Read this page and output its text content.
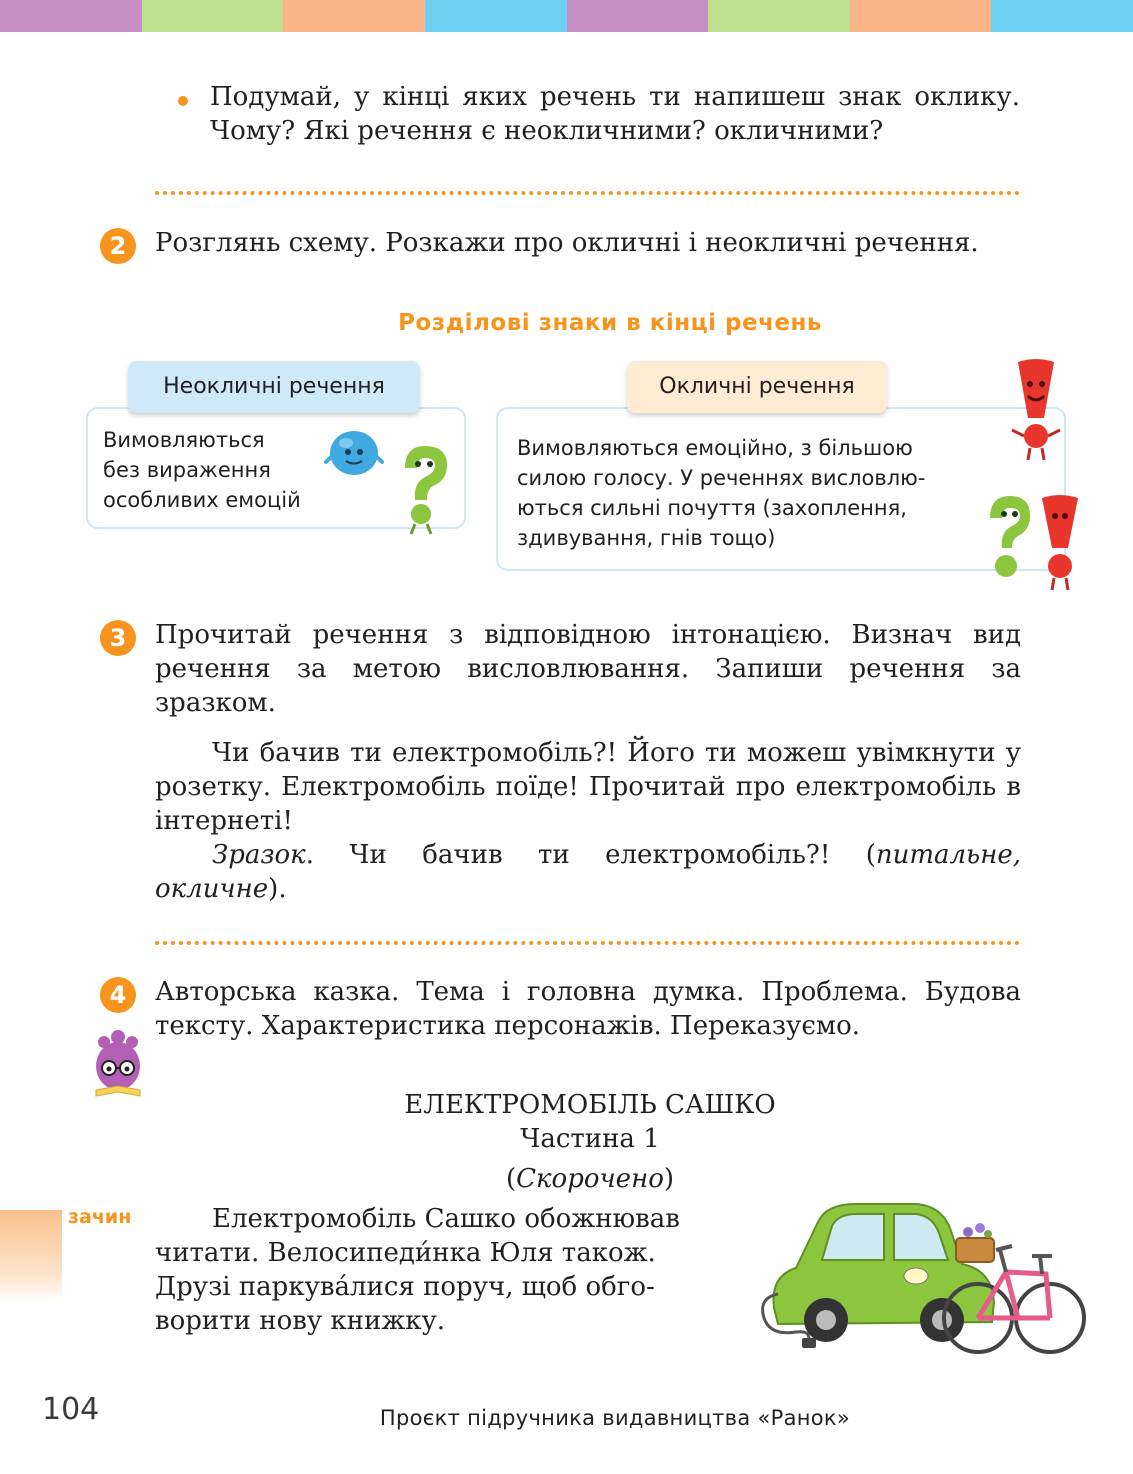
Подумай, у кінці яких речень ти напишеш знак оклику. Чому? Які речення є неокличними? окличними?

2	Розглянь схему. Розкажи про окличні і неокличні речення.

Розділові знаки в кінці речень

Вимовляються
без вираження
особливих емоцій

Неокличні речення

Вимовляються емоційно, з більшою
силою голосу. У реченнях висловлю-
ються сильні почуття (захоплення,
здивування, гнів тощо)

Окличні речення
3	Прочитай речення з відповідною інтонацією. Визнач вид речення за метою висловлювання. Запиши речення за зразком.

Чи бачив ти електромобіль?! Його ти можеш увімкнути у розетку. Електромобіль поїде! Прочитай про електромобіль в інтернеті!

Зразок. Чи бачив ти електромобіль?! (питальне, окличне).

4	Авторська казка. Тема і головна думка. Проблема. Будова тексту. Характеристика персонажів. Переказуємо.

ЕЛЕКТРОМОБІЛЬ САШКО
Частина 1
(Скорочено)
зачин	Електромобіль Сашко обожнював
читати. Велосипеди́нка Юля також.
Друзі паркува́лися поруч, щоб обго-
ворити нову книжку.

104	Проєкт підручника видавництва «Ранок»
